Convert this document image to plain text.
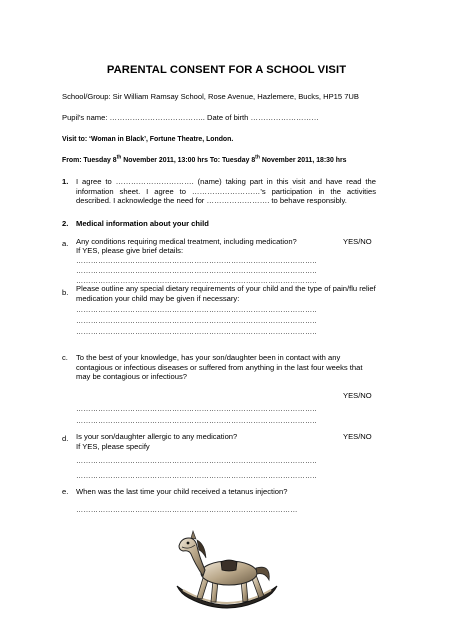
PARENTAL CONSENT FOR A SCHOOL VISIT
School/Group: Sir William Ramsay School, Rose Avenue, Hazlemere, Bucks, HP15 7UB
Pupil’s name: ……………………………….. Date of birth ………………………
Visit to: ‘Woman in Black’, Fortune Theatre, London.
From: Tuesday 8th November 2011, 13:00 hrs To: Tuesday 8th November 2011, 18:30 hrs
1. I agree to …………………………. (name) taking part in this visit and have read the information sheet. I agree to ………………………’s participation in the activities described. I acknowledge the need for ……………………. to behave responsibly.
2. Medical information about your child
a. Any conditions requiring medical treatment, including medication?	YES/NO
If YES, please give brief details:
……………………………………………………………………………………..
……………………………………………………………………………………..
……………………………………………………………………………………..
b. Please outline any special dietary requirements of your child and the type of pain/flu relief medication your child may be given if necessary:
……………………………………………………………………………………..
……………………………………………………………………………………..
……………………………………………………………………………………..
c. To the best of your knowledge, has your son/daughter been in contact with any contagious or infectious diseases or suffered from anything in the last four weeks that may be contagious or infectious?
YES/NO
……………………………………………………………………………………..
……………………………………………………………………………………..
d. Is your son/daughter allergic to any medication?	YES/NO
If YES, please specify
……………………………………………………………………………………..
……………………………………………………………………………………..
e. When was the last time your child received a tetanus injection?
………………………………………………………………………………
